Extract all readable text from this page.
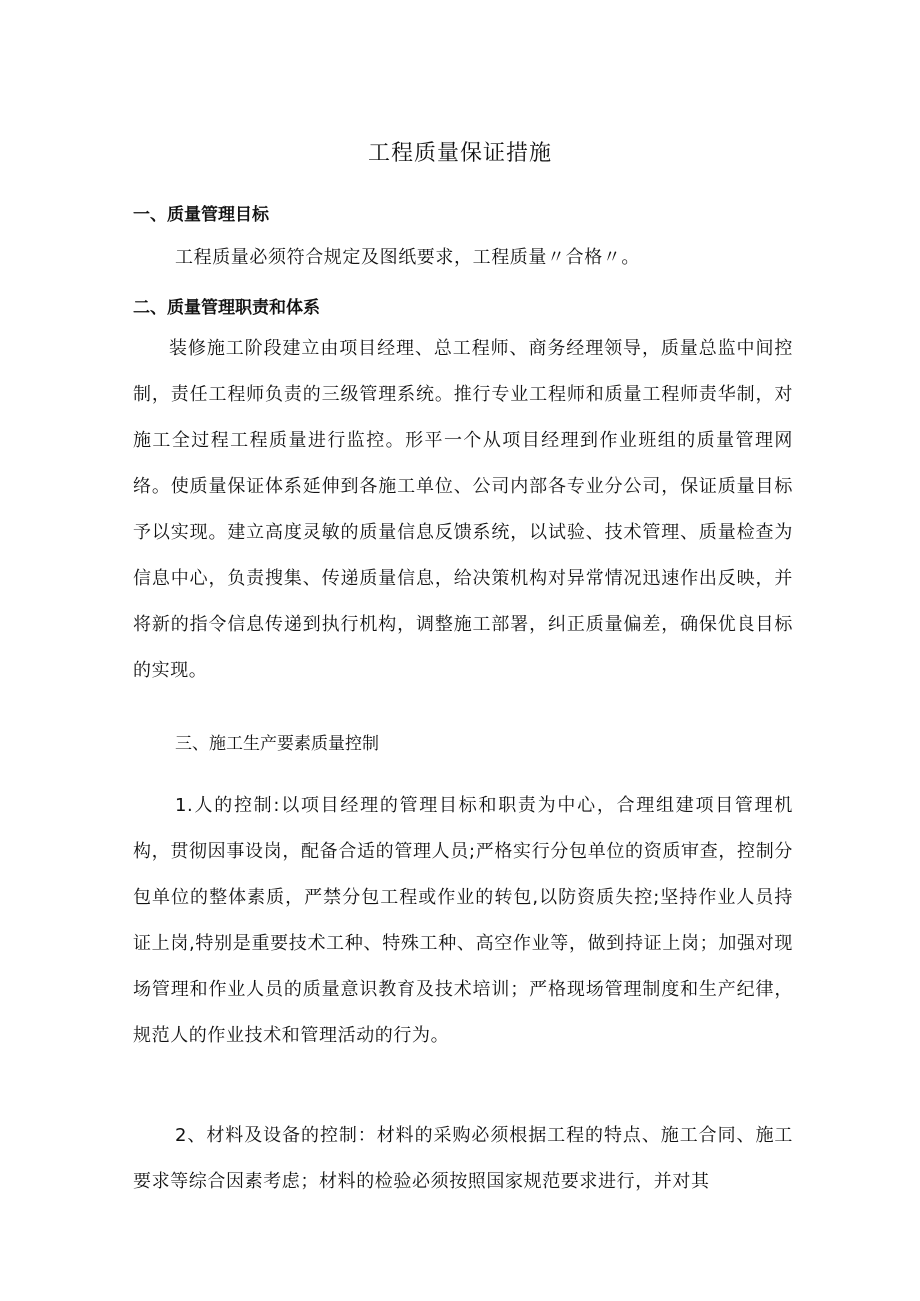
工程质量保证措施
一、质量管理目标

工程质量必须符合规定及图纸要求，工程质量〃合格〃。

二、质量管理职责和体系

装修施工阶段建立由项目经理、总工程师、商务经理领导，质量总监中间控制，责任工程师负责的三级管理系统。推行专业工程师和质量工程师责华制，对施工全过程工程质量进行监控。形平一个从项目经理到作业班组的质量管理网络。使质量保证体系延伸到各施工单位、公司内部各专业分公司，保证质量目标予以实现。建立高度灵敏的质量信息反馈系统，以试验、技术管理、质量检查为信息中心，负责搜集、传递质量信息，给决策机构对异常情况迅速作出反映，并将新的指令信息传递到执行机构，调整施工部署，纠正质量偏差，确保优良目标的实现。

三、施工生产要素质量控制

1.人的控制:以项目经理的管理目标和职责为中心，合理组建项目管理机构，贯彻因事设岗，配备合适的管理人员;严格实行分包单位的资质审查，控制分包单位的整体素质，严禁分包工程或作业的转包,以防资质失控;坚持作业人员持证上岗,特别是重要技术工种、特殊工种、高空作业等，做到持证上岗；加强对现场管理和作业人员的质量意识教育及技术培训；严格现场管理制度和生产纪律，规范人的作业技术和管理活动的行为。

2、材料及设备的控制：材料的采购必须根据工程的特点、施工合同、施工要求等综合因素考虑；材料的检验必须按照国家规范要求进行，并对其
